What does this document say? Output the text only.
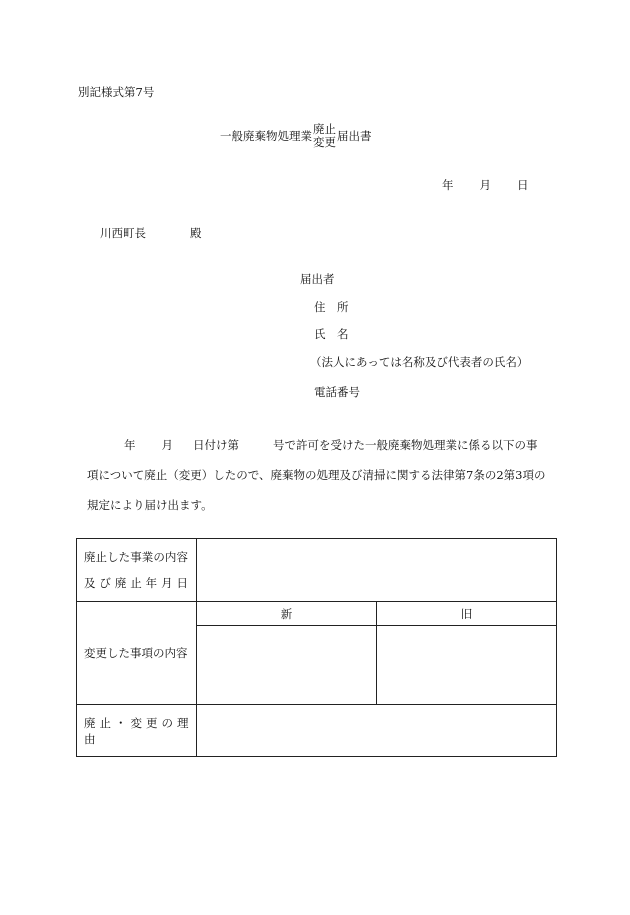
別記様式第7号
一般廃棄物処理業 廃止
変更 届出書
年 月 日
川西町長	殿
届出者
住　所
氏　名
（法人にあっては名称及び代表者の氏名）
電話番号
年 月 日付け第	号で許可を受けた一般廃棄物処理業に係る以下の事
項について廃止（変更）したので、廃棄物の処理及び清掃に関する法律第7条の2第3項の
規定により届け出ます。
廃止した事業の内容
及び廃止年月日		

変更した事項の内容	新	旧

廃止・変更の理由		
